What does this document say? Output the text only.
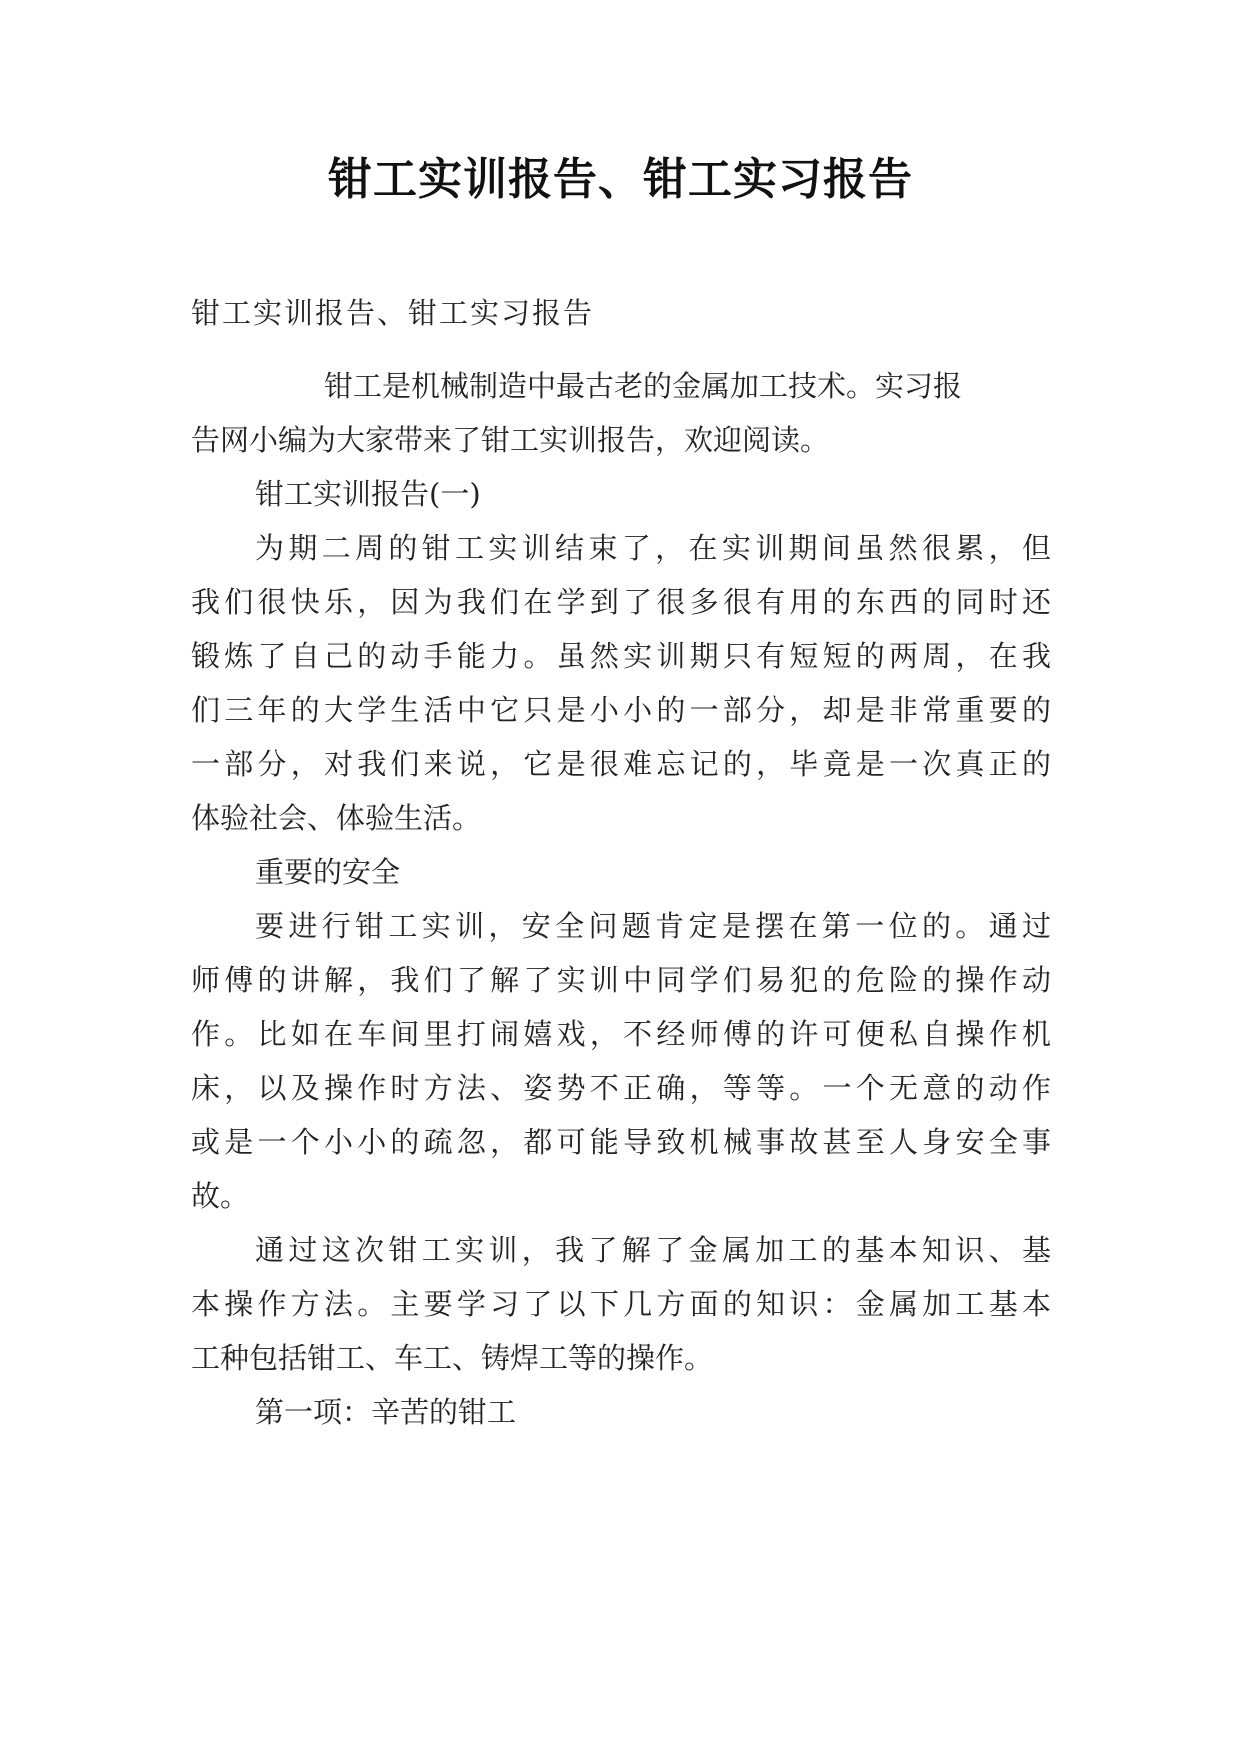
钳工实训报告、钳工实习报告
钳工实训报告、钳工实习报告
钳工是机械制造中最古老的金属加工技术。实习报
告网小编为大家带来了钳工实训报告，欢迎阅读。
钳工实训报告(一)
为期二周的钳工实训结束了，在实训期间虽然很累，但
我们很快乐，因为我们在学到了很多很有用的东西的同时还
锻炼了自己的动手能力。虽然实训期只有短短的两周，在我
们三年的大学生活中它只是小小的一部分，却是非常重要的
一部分，对我们来说，它是很难忘记的，毕竟是一次真正的
体验社会、体验生活。
重要的安全
要进行钳工实训，安全问题肯定是摆在第一位的。通过
师傅的讲解，我们了解了实训中同学们易犯的危险的操作动
作。比如在车间里打闹嬉戏，不经师傅的许可便私自操作机
床，以及操作时方法、姿势不正确，等等。一个无意的动作
或是一个小小的疏忽，都可能导致机械事故甚至人身安全事
故。
通过这次钳工实训，我了解了金属加工的基本知识、基
本操作方法。主要学习了以下几方面的知识：金属加工基本
工种包括钳工、车工、铸焊工等的操作。
第一项：辛苦的钳工
